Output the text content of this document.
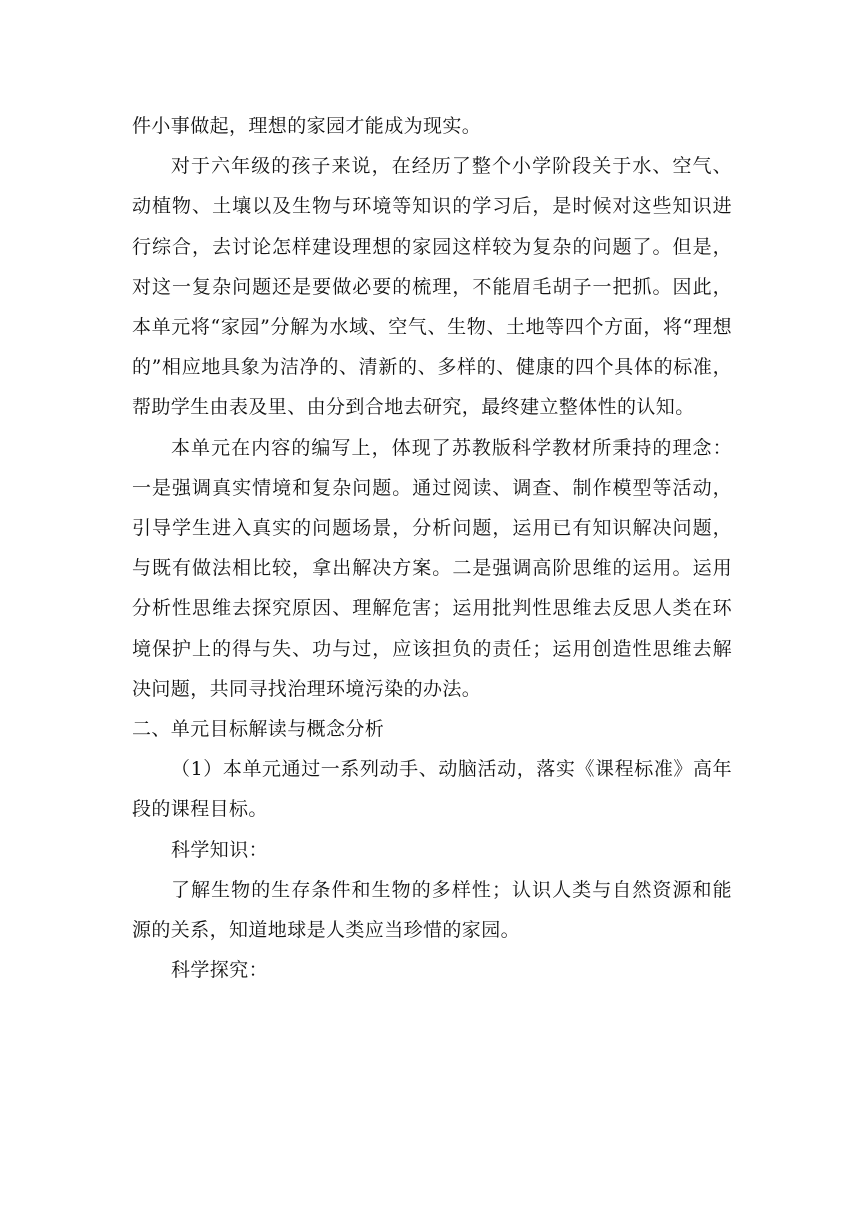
件小事做起，理想的家园才能成为现实。

对于六年级的孩子来说，在经历了整个小学阶段关于水、空气、动植物、土壤以及生物与环境等知识的学习后，是时候对这些知识进行综合，去讨论怎样建设理想的家园这样较为复杂的问题了。但是，对这一复杂问题还是要做必要的梳理，不能眉毛胡子一把抓。因此，本单元将“家园”分解为水域、空气、生物、土地等四个方面，将“理想的”相应地具象为洁净的、清新的、多样的、健康的四个具体的标准，帮助学生由表及里、由分到合地去研究，最终建立整体性的认知。

本单元在内容的编写上，体现了苏教版科学教材所秉持的理念：一是强调真实情境和复杂问题。通过阅读、调查、制作模型等活动，引导学生进入真实的问题场景，分析问题，运用已有知识解决问题，与既有做法相比较，拿出解决方案。二是强调高阶思维的运用。运用分析性思维去探究原因、理解危害；运用批判性思维去反思人类在环境保护上的得与失、功与过，应该担负的责任；运用创造性思维去解决问题，共同寻找治理环境污染的办法。

二、单元目标解读与概念分析

（1）本单元通过一系列动手、动脑活动，落实《课程标准》高年段的课程目标。

科学知识：

了解生物的生存条件和生物的多样性；认识人类与自然资源和能源的关系，知道地球是人类应当珍惜的家园。

科学探究：
